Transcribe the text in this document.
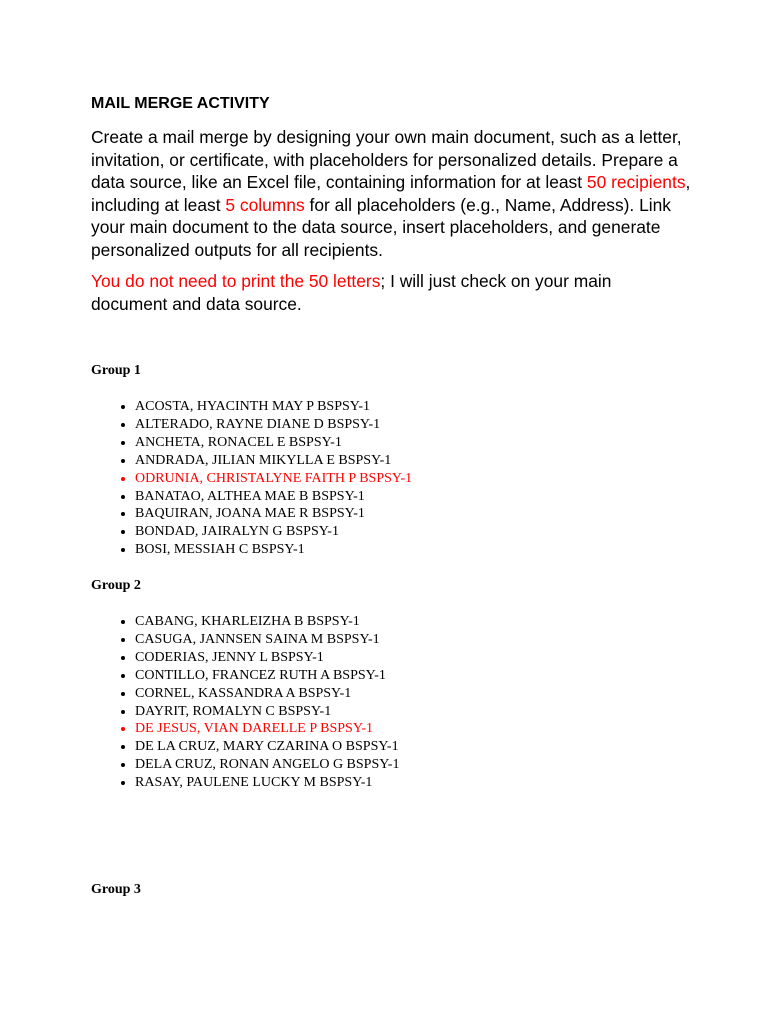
MAIL MERGE ACTIVITY

Create a mail merge by designing your own main document, such as a letter, invitation, or certificate, with placeholders for personalized details. Prepare a data source, like an Excel file, containing information for at least 50 recipients, including at least 5 columns for all placeholders (e.g., Name, Address). Link your main document to the data source, insert placeholders, and generate personalized outputs for all recipients.

You do not need to print the 50 letters; I will just check on your main document and data source.

Group 1
• ACOSTA, HYACINTH MAY P BSPSY-1
• ALTERADO, RAYNE DIANE D BSPSY-1
• ANCHETA, RONACEL E BSPSY-1
• ANDRADA, JILIAN MIKYLLA E BSPSY-1
• ODRUNIA, CHRISTALYNE FAITH P BSPSY-1
• BANATAO, ALTHEA MAE B BSPSY-1
• BAQUIRAN, JOANA MAE R BSPSY-1
• BONDAD, JAIRALYN G BSPSY-1
• BOSI, MESSIAH C BSPSY-1
Group 2
• CABANG, KHARLEIZHA B BSPSY-1
• CASUGA, JANNSEN SAINA M BSPSY-1
• CODERIAS, JENNY L BSPSY-1
• CONTILLO, FRANCEZ RUTH A BSPSY-1
• CORNEL, KASSANDRA A BSPSY-1
• DAYRIT, ROMALYN C BSPSY-1
• DE JESUS, VIAN DARELLE P BSPSY-1
• DE LA CRUZ, MARY CZARINA O BSPSY-1
• DELA CRUZ, RONAN ANGELO G BSPSY-1
• RASAY, PAULENE LUCKY M BSPSY-1
Group 3
